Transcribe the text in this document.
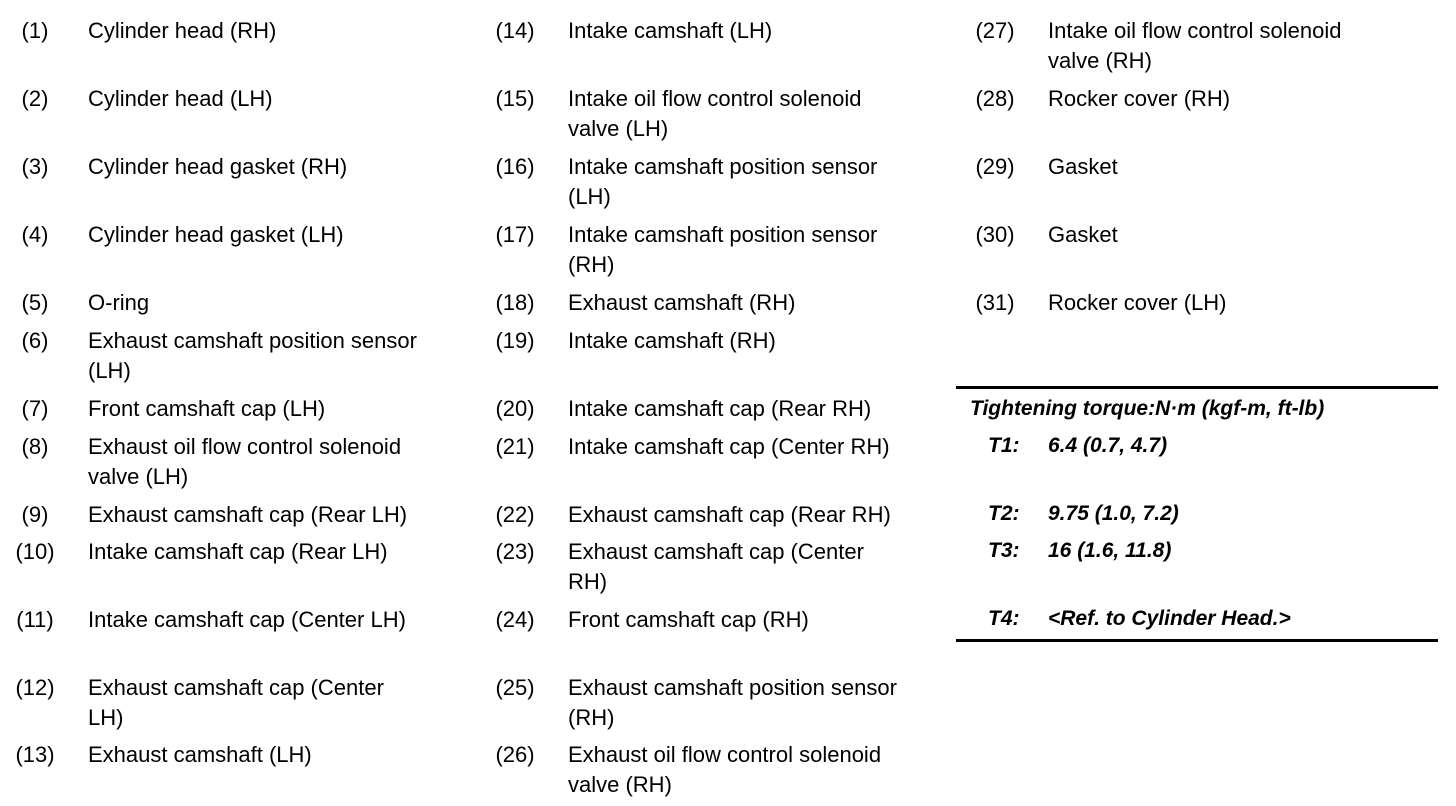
(1)	Cylinder head (RH)
(2)	Cylinder head (LH)
(3)	Cylinder head gasket (RH)
(4)	Cylinder head gasket (LH)
(5)	O-ring
(6)	Exhaust camshaft position sensor
(LH)
(7)	Front camshaft cap (LH)
(8)	Exhaust oil flow control solenoid
valve (LH)
(9)	Exhaust camshaft cap (Rear LH)
(10)	Intake camshaft cap (Rear LH)
(11)	Intake camshaft cap (Center LH)
(12)	Exhaust camshaft cap (Center
LH)
(13)	Exhaust camshaft (LH)
(14)	Intake camshaft (LH)
(15)	Intake oil flow control solenoid
valve (LH)
(16)	Intake camshaft position sensor
(LH)
(17)	Intake camshaft position sensor
(RH)
(18)	Exhaust camshaft (RH)
(19)	Intake camshaft (RH)
(20)	Intake camshaft cap (Rear RH)
(21)	Intake camshaft cap (Center RH)
(22)	Exhaust camshaft cap (Rear RH)
(23)	Exhaust camshaft cap (Center
RH)
(24)	Front camshaft cap (RH)
(25)	Exhaust camshaft position sensor
(RH)
(26)	Exhaust oil flow control solenoid
valve (RH)
(27)	Intake oil flow control solenoid
valve (RH)
(28)	Rocker cover (RH)
(29)	Gasket
(30)	Gasket
(31)	Rocker cover (LH)
Tightening torque:N·m (kgf-m, ft-lb)
T1: 6.4 (0.7, 4.7)
T2: 9.75 (1.0, 7.2)
T3: 16 (1.6, 11.8)
T4: <Ref. to Cylinder Head.>
